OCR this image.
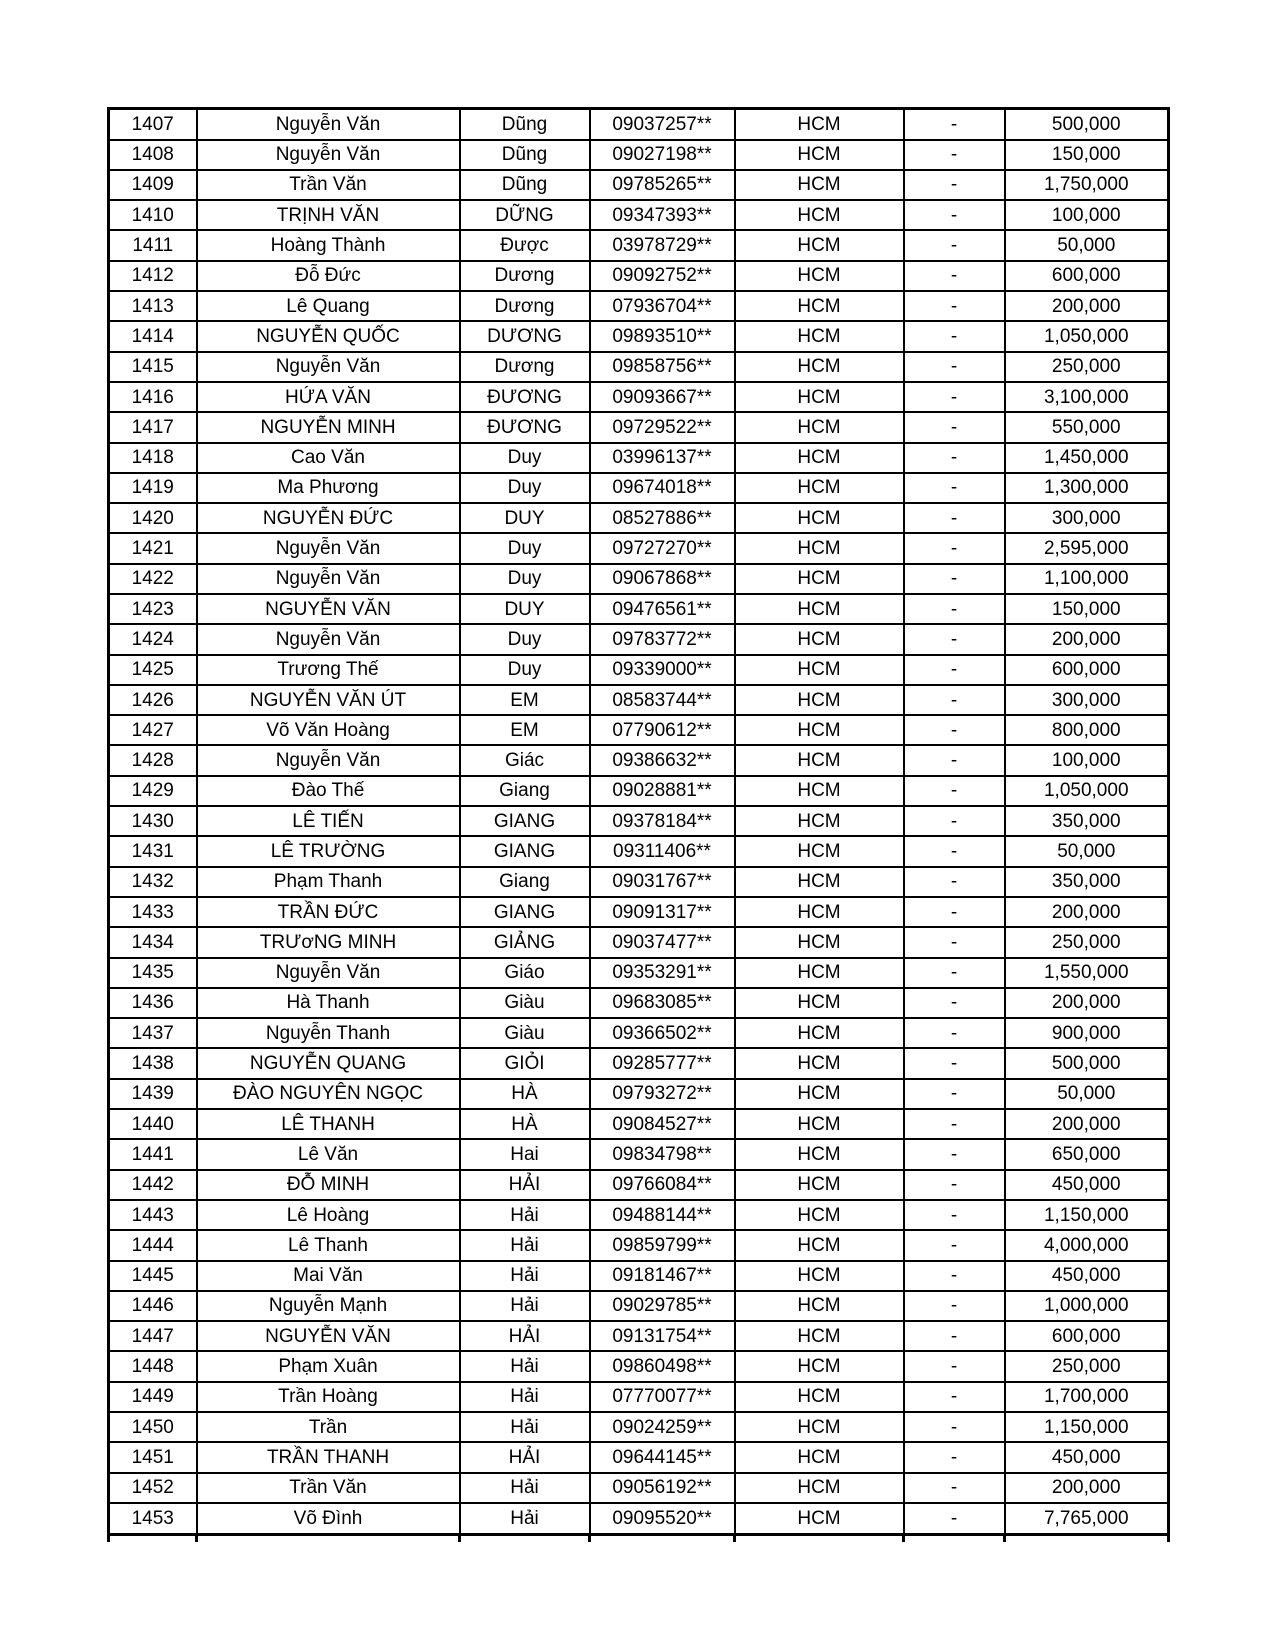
1407	Nguyễn Văn	Dũng	09037257**	HCM	-	500,000
1408	Nguyễn Văn	Dũng	09027198**	HCM	-	150,000
1409	Trần Văn	Dũng	09785265**	HCM	-	1,750,000
1410	TRỊNH VĂN	DỮNG	09347393**	HCM	-	100,000
1411	Hoàng Thành	Được	03978729**	HCM	-	50,000
1412	Đỗ Đức	Dương	09092752**	HCM	-	600,000
1413	Lê Quang	Dương	07936704**	HCM	-	200,000
1414	NGUYỄN QUỐC	DƯƠNG	09893510**	HCM	-	1,050,000
1415	Nguyễn Văn	Dương	09858756**	HCM	-	250,000
1416	HỨA VĂN	ĐƯƠNG	09093667**	HCM	-	3,100,000
1417	NGUYỄN MINH	ĐƯƠNG	09729522**	HCM	-	550,000
1418	Cao Văn	Duy	03996137**	HCM	-	1,450,000
1419	Ma Phương	Duy	09674018**	HCM	-	1,300,000
1420	NGUYỄN ĐỨC	DUY	08527886**	HCM	-	300,000
1421	Nguyễn Văn	Duy	09727270**	HCM	-	2,595,000
1422	Nguyễn Văn	Duy	09067868**	HCM	-	1,100,000
1423	NGUYỄN VĂN	DUY	09476561**	HCM	-	150,000
1424	Nguyễn Văn	Duy	09783772**	HCM	-	200,000
1425	Trương Thế	Duy	09339000**	HCM	-	600,000
1426	NGUYỄN VĂN ÚT	EM	08583744**	HCM	-	300,000
1427	Võ Văn Hoàng	EM	07790612**	HCM	-	800,000
1428	Nguyễn Văn	Giác	09386632**	HCM	-	100,000
1429	Đào Thế	Giang	09028881**	HCM	-	1,050,000
1430	LÊ TIẾN	GIANG	09378184**	HCM	-	350,000
1431	LÊ TRƯỜNG	GIANG	09311406**	HCM	-	50,000
1432	Phạm Thanh	Giang	09031767**	HCM	-	350,000
1433	TRẦN ĐỨC	GIANG	09091317**	HCM	-	200,000
1434	TRƯơNG MINH	GIẢNG	09037477**	HCM	-	250,000
1435	Nguyễn Văn	Giáo	09353291**	HCM	-	1,550,000
1436	Hà Thanh	Giàu	09683085**	HCM	-	200,000
1437	Nguyễn Thanh	Giàu	09366502**	HCM	-	900,000
1438	NGUYỄN QUANG	GIỎI	09285777**	HCM	-	500,000
1439	ĐÀO NGUYÊN NGỌC	HÀ	09793272**	HCM	-	50,000
1440	LÊ THANH	HÀ	09084527**	HCM	-	200,000
1441	Lê Văn	Hai	09834798**	HCM	-	650,000
1442	ĐỖ MINH	HẢI	09766084**	HCM	-	450,000
1443	Lê Hoàng	Hải	09488144**	HCM	-	1,150,000
1444	Lê Thanh	Hải	09859799**	HCM	-	4,000,000
1445	Mai Văn	Hải	09181467**	HCM	-	450,000
1446	Nguyễn Mạnh	Hải	09029785**	HCM	-	1,000,000
1447	NGUYỄN VĂN	HẢI	09131754**	HCM	-	600,000
1448	Phạm Xuân	Hải	09860498**	HCM	-	250,000
1449	Trần Hoàng	Hải	07770077**	HCM	-	1,700,000
1450	Trần	Hải	09024259**	HCM	-	1,150,000
1451	TRẦN THANH	HẢI	09644145**	HCM	-	450,000
1452	Trần Văn	Hải	09056192**	HCM	-	200,000
1453	Võ Đình	Hải	09095520**	HCM	-	7,765,000
